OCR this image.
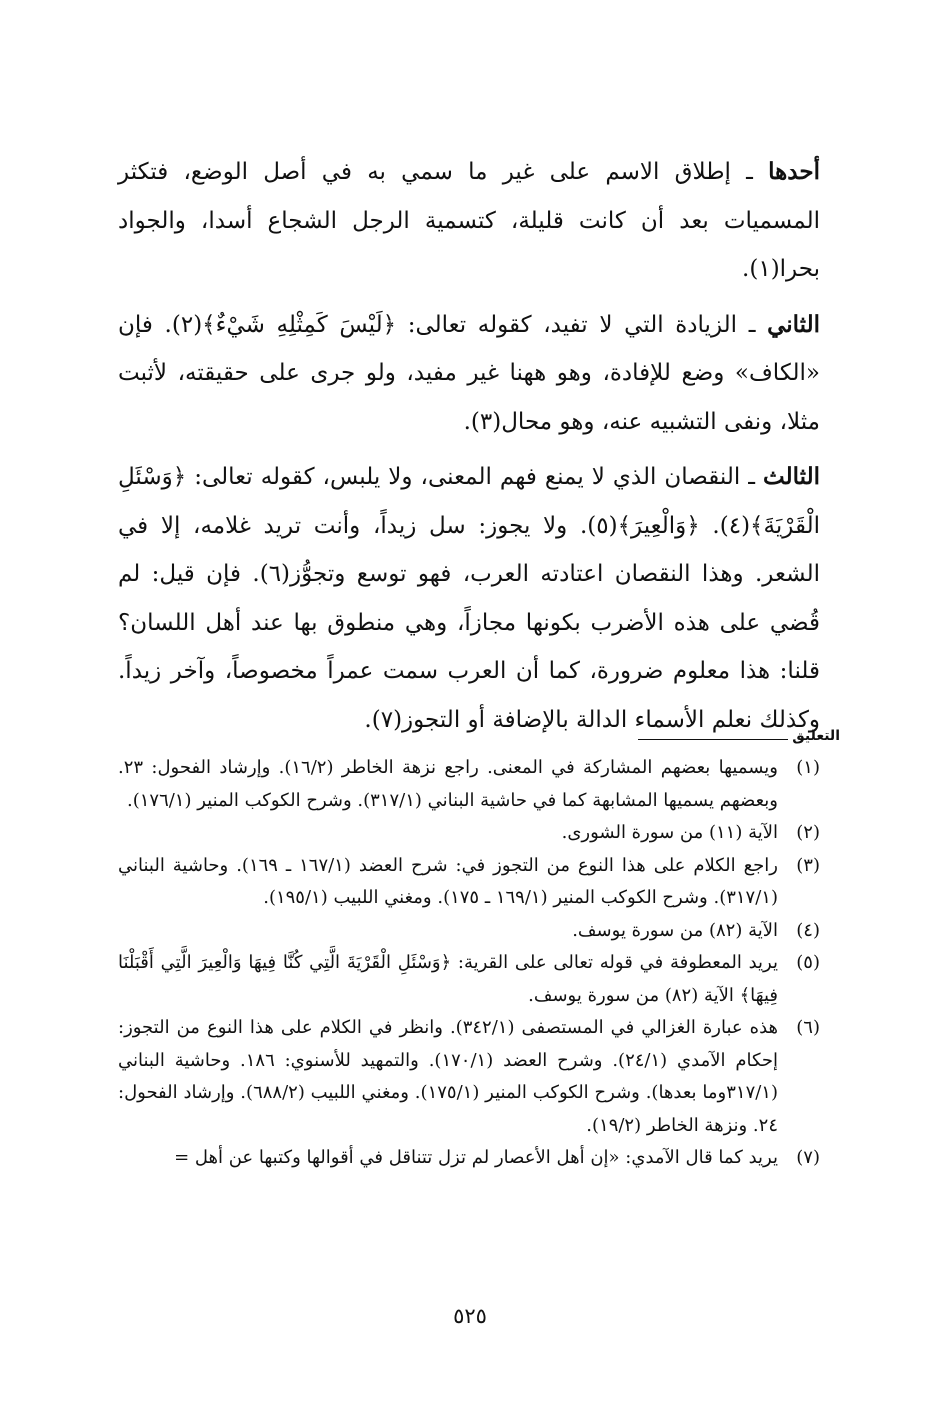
أحدها ـ إطلاق الاسم على غير ما سمي به في أصل الوضع، فتكثر المسميات بعد أن كانت قليلة، كتسمية الرجل الشجاع أسدا، والجواد بحرا(١).

الثاني ـ الزيادة التي لا تفيد، كقوله تعالى: ﴿لَيْسَ كَمِثْلِهِ شَيْءٌ﴾(٢). فإن «الكاف» وضع للإفادة، وهو ههنا غير مفيد، ولو جرى على حقيقته، لأثبت مثلا، ونفى التشبيه عنه، وهو محال(٣).

الثالث ـ النقصان الذي لا يمنع فهم المعنى، ولا يلبس، كقوله تعالى: ﴿وَسْئَلِ الْقَرْيَةَ﴾(٤). ﴿وَالْعِيرَ﴾(٥). ولا يجوز: سل زيداً، وأنت تريد غلامه، إلا في الشعر. وهذا النقصان اعتادته العرب، فهو توسع وتجوُّز(٦). فإن قيل: لم قُضي على هذه الأضرب بكونها مجازاً، وهي منطوق بها عند أهل اللسان؟ قلنا: هذا معلوم ضرورة، كما أن العرب سمت عمراً مخصوصاً، وآخر زيداً. وكذلك نعلم الأسماء الدالة بالإضافة أو التجوز(٧).

التعليق
(١)
ويسميها بعضهم المشاركة في المعنى. راجع نزهة الخاطر (١٦/٢). وإرشاد الفحول: ٢٣. وبعضهم يسميها المشابهة كما في حاشية البناني (٣١٧/١). وشرح الكوكب المنير (١٧٦/١).
(٢)
الآية (١١) من سورة الشورى.
(٣)
راجع الكلام على هذا النوع من التجوز في: شرح العضد (١٦٧/١ ـ ١٦٩). وحاشية البناني (٣١٧/١). وشرح الكوكب المنير (١٦٩/١ ـ ١٧٥). ومغني اللبيب (١٩٥/١).
(٤)
الآية (٨٢) من سورة يوسف.
(٥)
يريد المعطوفة في قوله تعالى على القرية: ﴿وَسْئَلِ الْقَرْيَةَ الَّتِي كُنَّا فِيهَا وَالْعِيرَ الَّتِي أَقْبَلْنَا فِيهَا﴾ الآية (٨٢) من سورة يوسف.
(٦)
هذه عبارة الغزالي في المستصفى (٣٤٢/١). وانظر في الكلام على هذا النوع من التجوز: إحكام الآمدي (٢٤/١). وشرح العضد (١٧٠/١). والتمهيد للأسنوي: ١٨٦. وحاشية البناني (٣١٧/١وما بعدها). وشرح الكوكب المنير (١٧٥/١). ومغني اللبيب (٦٨٨/٢). وإرشاد الفحول: ٢٤. ونزهة الخاطر (١٩/٢).
(٧)
يريد كما قال الآمدي: «إن أهل الأعصار لم تزل تتناقل في أقوالها وكتبها عن أهل =
٥٢٥
